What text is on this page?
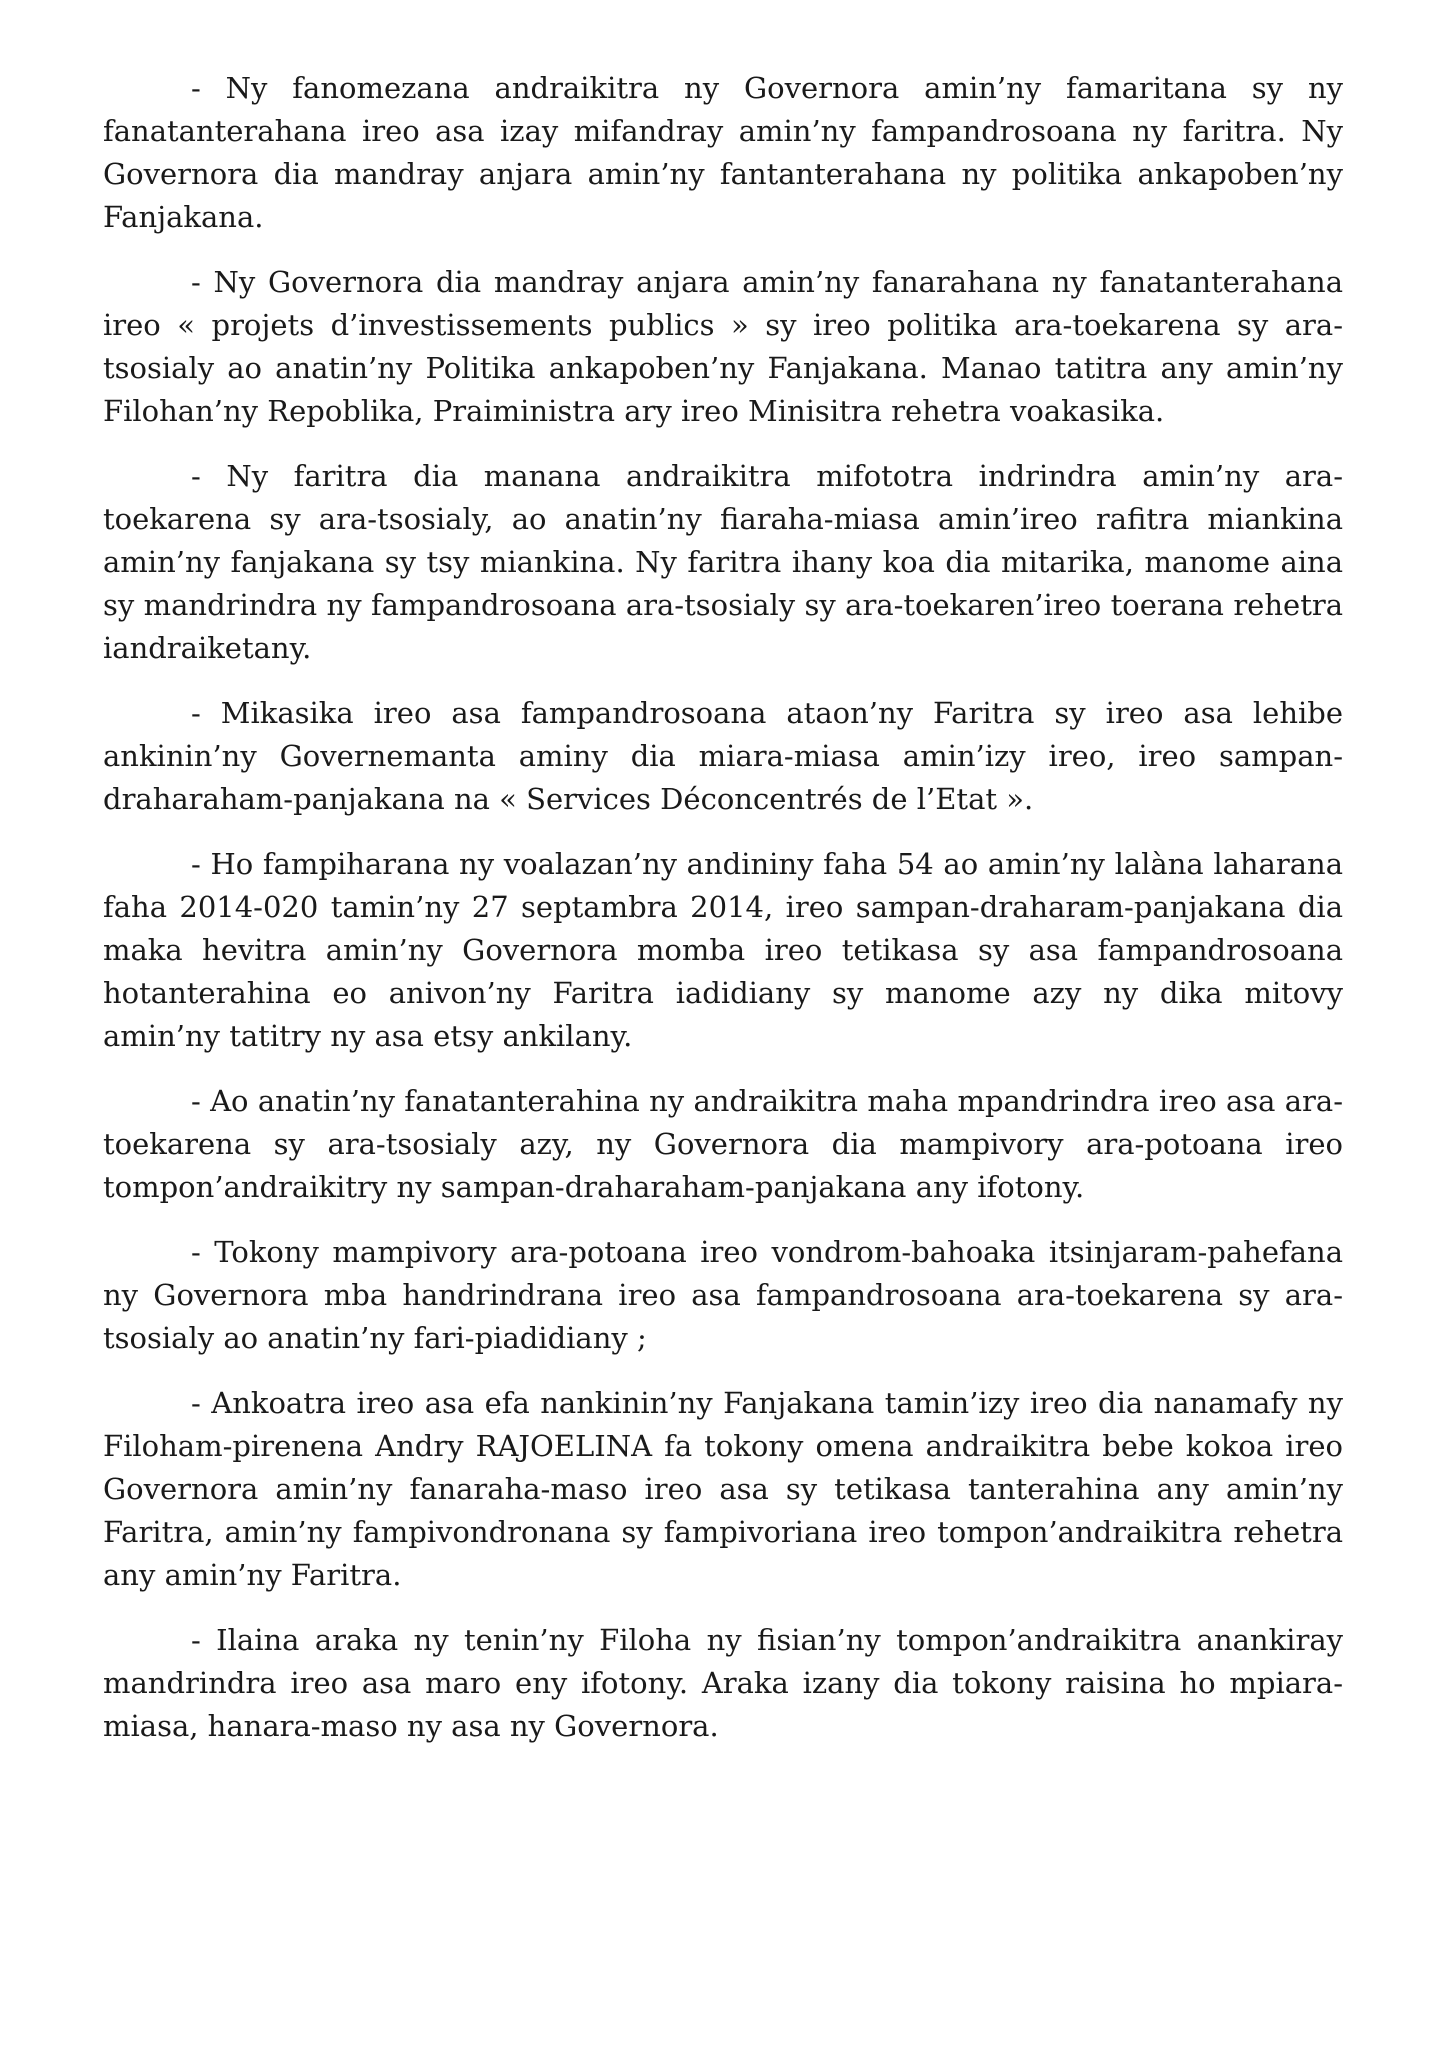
- Ny fanomezana andraikitra ny Governora amin’ny famaritana sy ny fanatanterahana ireo asa izay mifandray amin’ny fampandrosoana ny faritra. Ny Governora dia mandray anjara amin’ny fantanterahana ny politika ankapoben’ny Fanjakana.

- Ny Governora dia mandray anjara amin’ny fanarahana ny fanatanterahana ireo « projets d’investissements publics » sy ireo politika ara-toekarena sy ara-tsosialy ao anatin’ny Politika ankapoben’ny Fanjakana. Manao tatitra any amin’ny Filohan’ny Repoblika, Praiministra ary ireo Minisitra rehetra voakasika.

- Ny faritra dia manana andraikitra mifototra indrindra amin’ny ara-toekarena sy ara-tsosialy, ao anatin’ny fiaraha-miasa amin’ireo rafitra miankina amin’ny fanjakana sy tsy miankina. Ny faritra ihany koa dia mitarika, manome aina sy mandrindra ny fampandrosoana ara-tsosialy sy ara-toekaren’ireo toerana rehetra iandraiketany.

- Mikasika ireo asa fampandrosoana ataon’ny Faritra sy ireo asa lehibe ankinin’ny Governemanta aminy dia miara-miasa amin’izy ireo, ireo sampan-draharaham-panjakana na « Services Déconcentrés de l’Etat ».

- Ho fampiharana ny voalazan’ny andininy faha 54 ao amin’ny lalàna laharana faha 2014-020 tamin’ny 27 septambra 2014, ireo sampan-draharam-panjakana dia maka hevitra amin’ny Governora momba ireo tetikasa sy asa fampandrosoana hotanterahina eo anivon’ny Faritra iadidiany sy manome azy ny dika mitovy amin’ny tatitry ny asa etsy ankilany.

- Ao anatin’ny fanatanterahina ny andraikitra maha mpandrindra ireo asa ara-toekarena sy ara-tsosialy azy, ny Governora dia mampivory ara-potoana ireo tompon’andraikitry ny sampan-draharaham-panjakana any ifotony.

- Tokony mampivory ara-potoana ireo vondrom-bahoaka itsinjaram-pahefana ny Governora mba handrindrana ireo asa fampandrosoana ara-toekarena sy ara-tsosialy ao anatin’ny fari-piadidiany ;

- Ankoatra ireo asa efa nankinin’ny Fanjakana tamin’izy ireo dia nanamafy ny Filoham-pirenena Andry RAJOELINA fa tokony omena andraikitra bebe kokoa ireo Governora amin’ny fanaraha-maso ireo asa sy tetikasa tanterahina any amin’ny Faritra, amin’ny fampivondronana sy fampivoriana ireo tompon’andraikitra rehetra any amin’ny Faritra.

- Ilaina araka ny tenin’ny Filoha ny fisian’ny tompon’andraikitra anankiray mandrindra ireo asa maro eny ifotony. Araka izany dia tokony raisina ho mpiara-miasa, hanara-maso ny asa ny Governora.
